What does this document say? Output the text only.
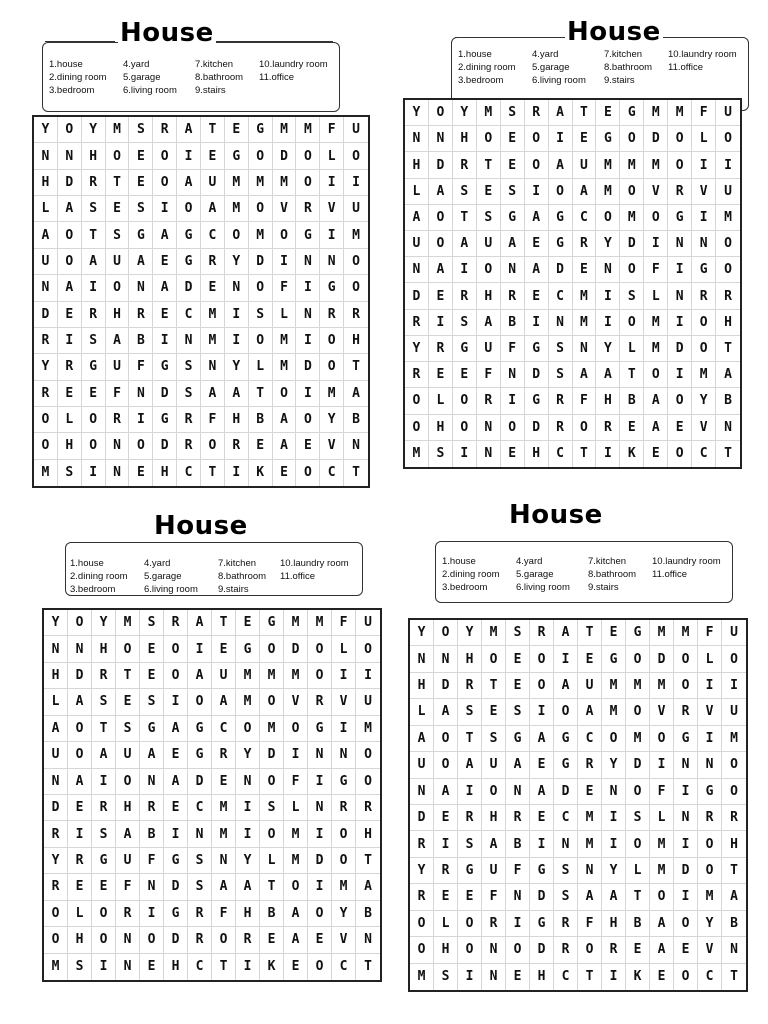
1.house
2.dining room
3.bedroom
4.yard
5.garage
6.living room
7.kitchen
8.bathroom
9.stairs
10.laundry room
11.office
House
Y	O	Y	M	S	R	A	T	E	G	M	M	F	U
N	N	H	O	E	O	I	E	G	O	D	O	L	O
H	D	R	T	E	O	A	U	M	M	M	O	I	I
L	A	S	E	S	I	O	A	M	O	V	R	V	U
A	O	T	S	G	A	G	C	O	M	O	G	I	M
U	O	A	U	A	E	G	R	Y	D	I	N	N	O
N	A	I	O	N	A	D	E	N	O	F	I	G	O
D	E	R	H	R	E	C	M	I	S	L	N	R	R
R	I	S	A	B	I	N	M	I	O	M	I	O	H
Y	R	G	U	F	G	S	N	Y	L	M	D	O	T
R	E	E	F	N	D	S	A	A	T	O	I	M	A
O	L	O	R	I	G	R	F	H	B	A	O	Y	B
O	H	O	N	O	D	R	O	R	E	A	E	V	N
M	S	I	N	E	H	C	T	I	K	E	O	C	T
1.house
2.dining room
3.bedroom
4.yard
5.garage
6.living room
7.kitchen
8.bathroom
9.stairs
10.laundry room
11.office
House
Y	O	Y	M	S	R	A	T	E	G	M	M	F	U
N	N	H	O	E	O	I	E	G	O	D	O	L	O
H	D	R	T	E	O	A	U	M	M	M	O	I	I
L	A	S	E	S	I	O	A	M	O	V	R	V	U
A	O	T	S	G	A	G	C	O	M	O	G	I	M
U	O	A	U	A	E	G	R	Y	D	I	N	N	O
N	A	I	O	N	A	D	E	N	O	F	I	G	O
D	E	R	H	R	E	C	M	I	S	L	N	R	R
R	I	S	A	B	I	N	M	I	O	M	I	O	H
Y	R	G	U	F	G	S	N	Y	L	M	D	O	T
R	E	E	F	N	D	S	A	A	T	O	I	M	A
O	L	O	R	I	G	R	F	H	B	A	O	Y	B
O	H	O	N	O	D	R	O	R	E	A	E	V	N
M	S	I	N	E	H	C	T	I	K	E	O	C	T
1.house
2.dining room
3.bedroom
4.yard
5.garage
6.living room
7.kitchen
8.bathroom
9.stairs
10.laundry room
11.office
House
Y	O	Y	M	S	R	A	T	E	G	M	M	F	U
N	N	H	O	E	O	I	E	G	O	D	O	L	O
H	D	R	T	E	O	A	U	M	M	M	O	I	I
L	A	S	E	S	I	O	A	M	O	V	R	V	U
A	O	T	S	G	A	G	C	O	M	O	G	I	M
U	O	A	U	A	E	G	R	Y	D	I	N	N	O
N	A	I	O	N	A	D	E	N	O	F	I	G	O
D	E	R	H	R	E	C	M	I	S	L	N	R	R
R	I	S	A	B	I	N	M	I	O	M	I	O	H
Y	R	G	U	F	G	S	N	Y	L	M	D	O	T
R	E	E	F	N	D	S	A	A	T	O	I	M	A
O	L	O	R	I	G	R	F	H	B	A	O	Y	B
O	H	O	N	O	D	R	O	R	E	A	E	V	N
M	S	I	N	E	H	C	T	I	K	E	O	C	T
1.house
2.dining room
3.bedroom
4.yard
5.garage
6.living room
7.kitchen
8.bathroom
9.stairs
10.laundry room
11.office
House
Y	O	Y	M	S	R	A	T	E	G	M	M	F	U
N	N	H	O	E	O	I	E	G	O	D	O	L	O
H	D	R	T	E	O	A	U	M	M	M	O	I	I
L	A	S	E	S	I	O	A	M	O	V	R	V	U
A	O	T	S	G	A	G	C	O	M	O	G	I	M
U	O	A	U	A	E	G	R	Y	D	I	N	N	O
N	A	I	O	N	A	D	E	N	O	F	I	G	O
D	E	R	H	R	E	C	M	I	S	L	N	R	R
R	I	S	A	B	I	N	M	I	O	M	I	O	H
Y	R	G	U	F	G	S	N	Y	L	M	D	O	T
R	E	E	F	N	D	S	A	A	T	O	I	M	A
O	L	O	R	I	G	R	F	H	B	A	O	Y	B
O	H	O	N	O	D	R	O	R	E	A	E	V	N
M	S	I	N	E	H	C	T	I	K	E	O	C	T
